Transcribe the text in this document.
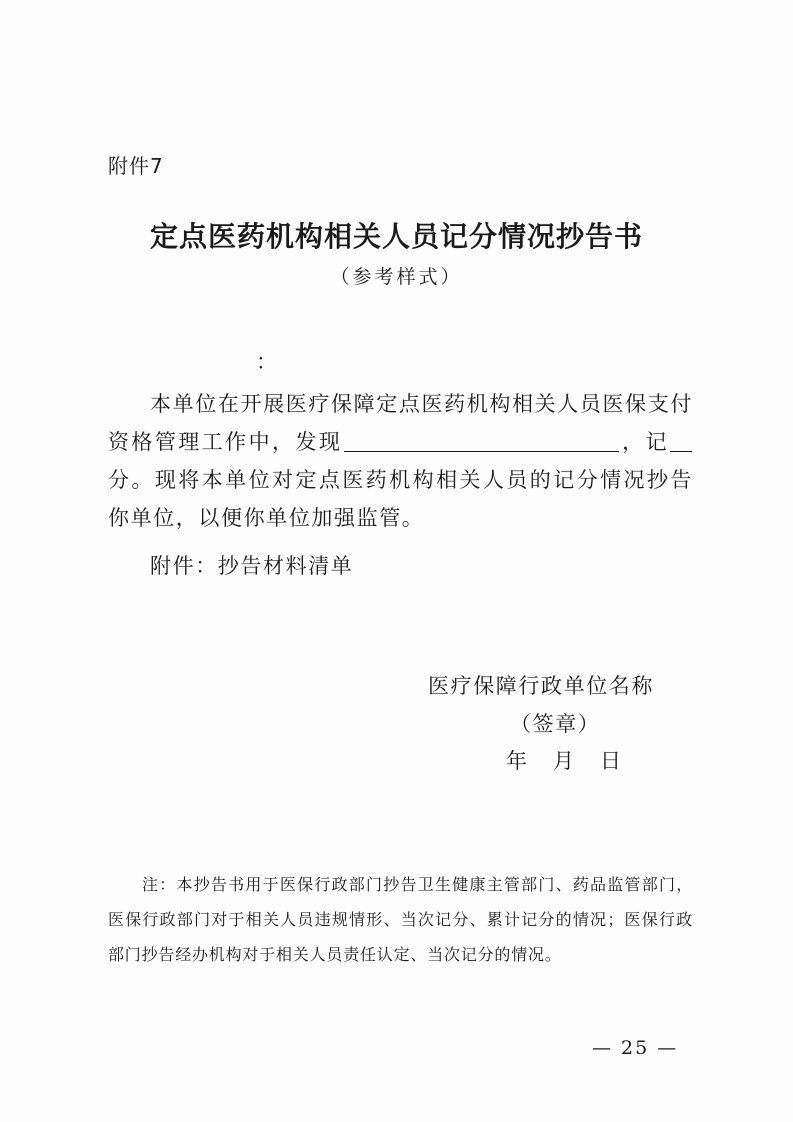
附件7
定点医药机构相关人员记分情况抄告书
（参考样式）
：
本单位在开展医疗保障定点医药机构相关人员医保支付资格管理工作中，发现	，记分。现将本单位对定点医药机构相关人员的记分情况抄告你单位，以便你单位加强监管。
附件：抄告材料清单
医疗保障行政单位名称
（签章）
年 月 日
注：本抄告书用于医保行政部门抄告卫生健康主管部门、药品监管部门，医保行政部门对于相关人员违规情形、当次记分、累计记分的情况；医保行政部门抄告经办机构对于相关人员责任认定、当次记分的情况。
— 25 —
